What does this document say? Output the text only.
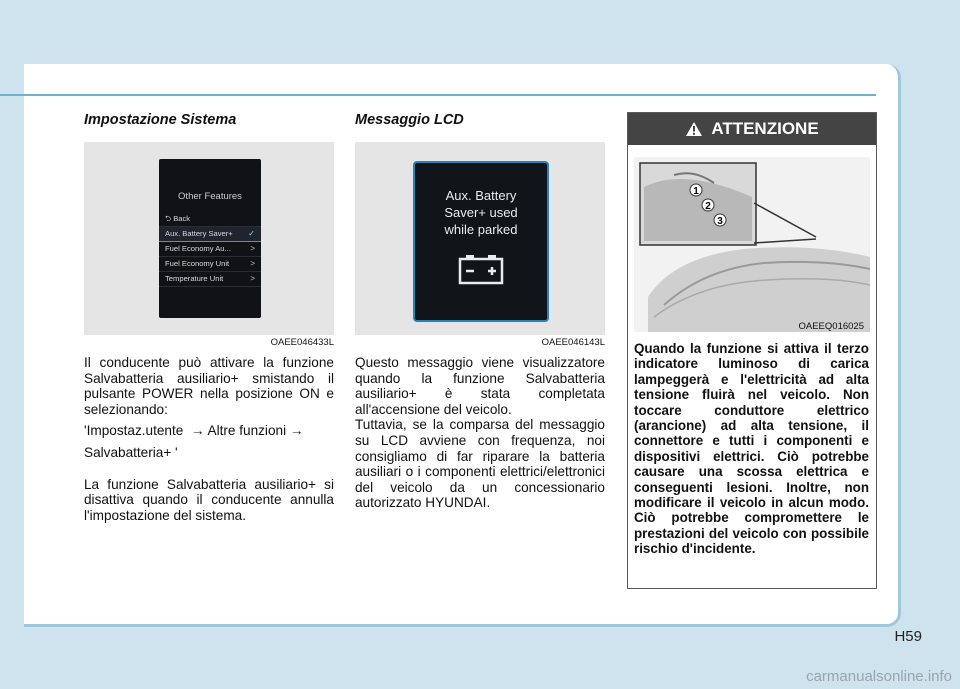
Impostazione Sistema
Other Features
⮌ Back
Aux. Battery Saver+ ✓
Fuel Economy Au... >
Fuel Economy Unit	>
Temperature Unit	>
OAEE046433L

Il conducente può attivare la funzione Salvabatteria ausiliario+ smistando il pulsante POWER nella posizione ON e selezionando:

'Impostaz.utente → Altre funzioni →

Salvabatteria+ '

La funzione Salvabatteria ausiliario+ si disattiva quando il conducente annulla l'impostazione del sistema.

Messaggio LCD
Aux. Battery
Saver+ used
while parked
OAEE046143L

Questo messaggio viene visualizzatore quando la funzione Salvabatteria ausiliario+ è stata completata all'accensione del veicolo.

Tuttavia, se la comparsa del messaggio su LCD avviene con frequenza, noi consigliamo di far riparare la batteria ausiliari o i componenti elettrici/elettronici del veicolo da un concessionario autorizzato HYUNDAI.

ATTENZIONE
1
2
3
OAEEQ016025
Quando la funzione si attiva il terzo indicatore luminoso di carica lampeggerà e l'elettricità ad alta tensione fluirà nel veicolo. Non toccare conduttore elettrico (arancione) ad alta tensione, il connettore e tutti i componenti e dispositivi elettrici. Ciò potrebbe causare una scossa elettrica e conseguenti lesioni. Inoltre, non modificare il veicolo in alcun modo. Ciò potrebbe compromettere le prestazioni del veicolo con possibile rischio d'incidente.
H59
carmanualsonline.info
